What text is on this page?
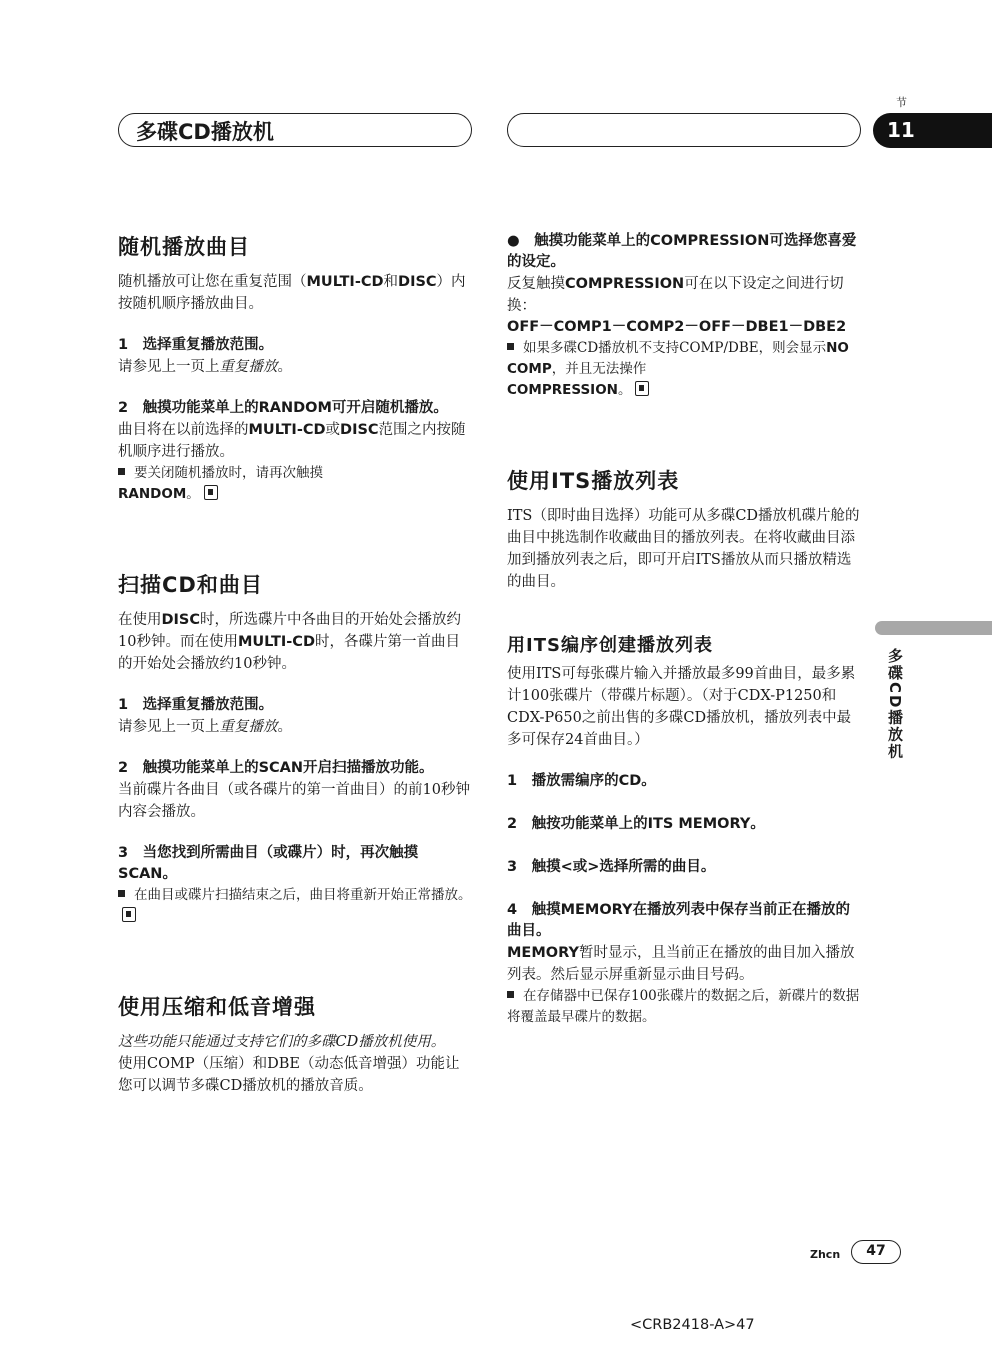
多碟CD播放机
节
11
随机播放曲目

随机播放可让您在重复范围（MULTI-CD和DISC）内按随机顺序播放曲目。

1　选择重复播放范围。

请参见上一页上重复播放。

2　触摸功能菜单上的RANDOM可开启随机播放。

曲目将在以前选择的MULTI-CD或DISC范围之内按随机顺序进行播放。

要关闭随机播放时，请再次触摸
RANDOM。

扫描CD和曲目

在使用DISC时，所选碟片中各曲目的开始处会播放约10秒钟。而在使用MULTI-CD时，各碟片第一首曲目的开始处会播放约10秒钟。

1　选择重复播放范围。

请参见上一页上重复播放。

2　触摸功能菜单上的SCAN开启扫描播放功能。

当前碟片各曲目（或各碟片的第一首曲目）的前10秒钟内容会播放。

3　当您找到所需曲目（或碟片）时，再次触摸SCAN。

在曲目或碟片扫描结束之后，曲目将重新开始正常播放。

使用压缩和低音增强

这些功能只能通过支持它们的多碟CD播放机使用。

使用COMP（压缩）和DBE（动态低音增强）功能让您可以调节多碟CD播放机的播放音质。

●　触摸功能菜单上的COMPRESSION可选择您喜爱的设定。

反复触摸COMPRESSION可在以下设定之间进行切换：

OFF－COMP1－COMP2－OFF－DBE1－DBE2

如果多碟CD播放机不支持COMP/DBE，则会显示NO COMP，并且无法操作
COMPRESSION。

使用ITS播放列表

ITS（即时曲目选择）功能可从多碟CD播放机碟片舱的曲目中挑选制作收藏曲目的播放列表。在将收藏曲目添加到播放列表之后，即可开启ITS播放从而只播放精选的曲目。

用ITS编序创建播放列表

使用ITS可每张碟片输入并播放最多99首曲目，最多累计100张碟片（带碟片标题）。（对于CDX-P1250和CDX-P650之前出售的多碟CD播放机，播放列表中最多可保存24首曲目。）

1　播放需编序的CD。

2　触按功能菜单上的ITS MEMORY。

3　触摸<或>选择所需的曲目。

4　触摸MEMORY在播放列表中保存当前正在播放的曲目。

MEMORY暂时显示，且当前正在播放的曲目加入播放列表。然后显示屏重新显示曲目号码。

在存储器中已保存100张碟片的数据之后，新碟片的数据将覆盖最早碟片的数据。

多碟CD播放机
Zhcn	47
<CRB2418-A>47
